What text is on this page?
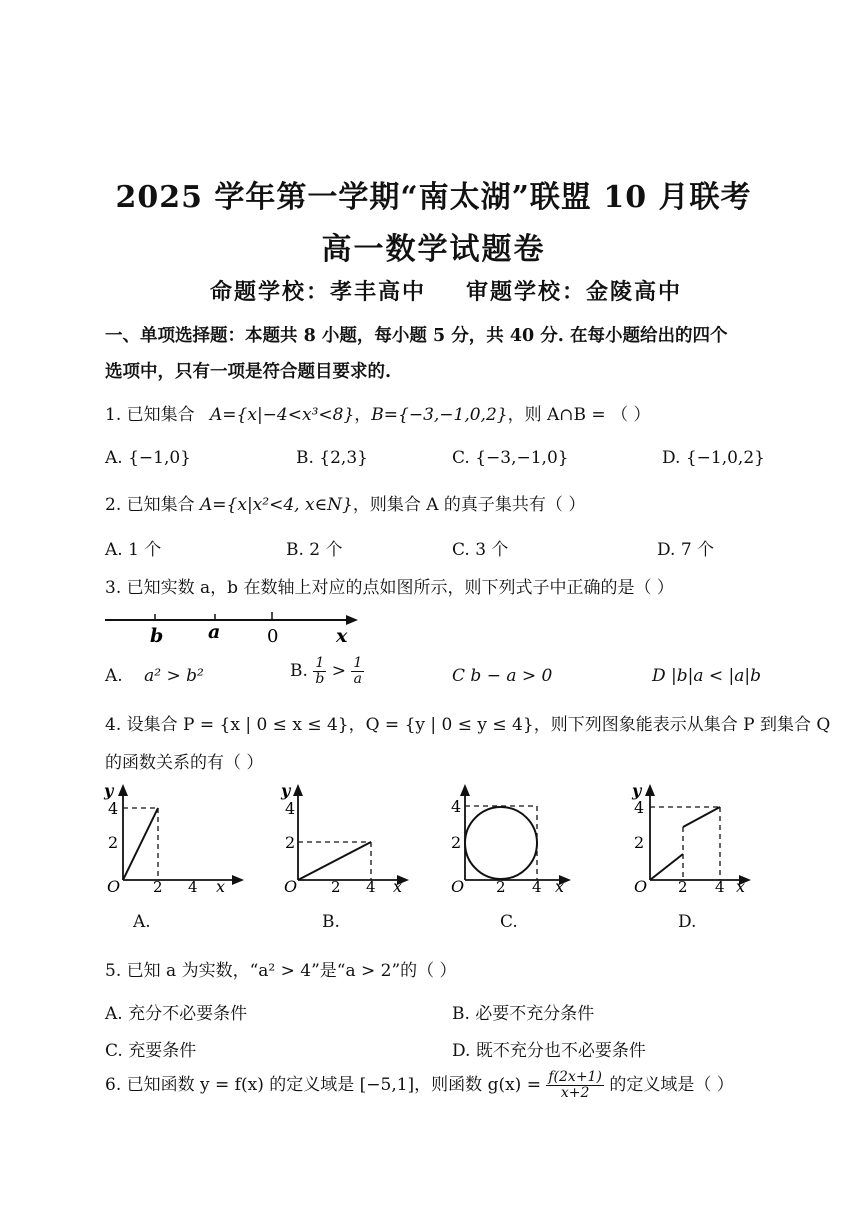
2025 学年第一学期“南太湖”联盟 10 月联考
高一数学试题卷
命题学校：孝丰高中 审题学校：金陵高中
一、单项选择题：本题共 8 小题，每小题 5 分，共 40 分. 在每小题给出的四个
选项中，只有一项是符合题目要求的.
1. 已知集合 A={x|−4<x³<8}，B={−3,−1,0,2}，则 A∩B = （ ）
A. {−1,0}	B. {2,3}	C. {−3,−1,0}	D. {−1,0,2}
2. 已知集合 A={x|x²<4, x∈N}，则集合 A 的真子集共有（ ）
A. 1 个	B. 2 个	C. 3 个	D. 7 个
3. 已知实数 a，b 在数轴上对应的点如图所示，则下列式子中正确的是（ ）
b a	0	x
A. a² > b²	B. $\frac{1}{b} > \frac{1}{a}$	C b − a > 0	D |b|a < |a|b
4. 设集合 P = {x | 0 ≤ x ≤ 4}，Q = {y | 0 ≤ y ≤ 4}，则下列图象能表示从集合 P 到集合 Q
的函数关系的有（ ）
y
4
2
O 2 4 x
A.
y
4
2
O 2 4 x
B.
4
2
O 2 4 x
C.
y
4
2
O 2 4 x
D.
5. 已知 a 为实数，“a² > 4”是“a > 2”的（ ）
A. 充分不必要条件	B. 必要不充分条件
C. 充要条件	D. 既不充分也不必要条件
6. 已知函数 y = f(x) 的定义域是 [−5,1]，则函数 $g(x) = \frac{f(2x+1)}{x+2}$ 的定义域是（ ）
